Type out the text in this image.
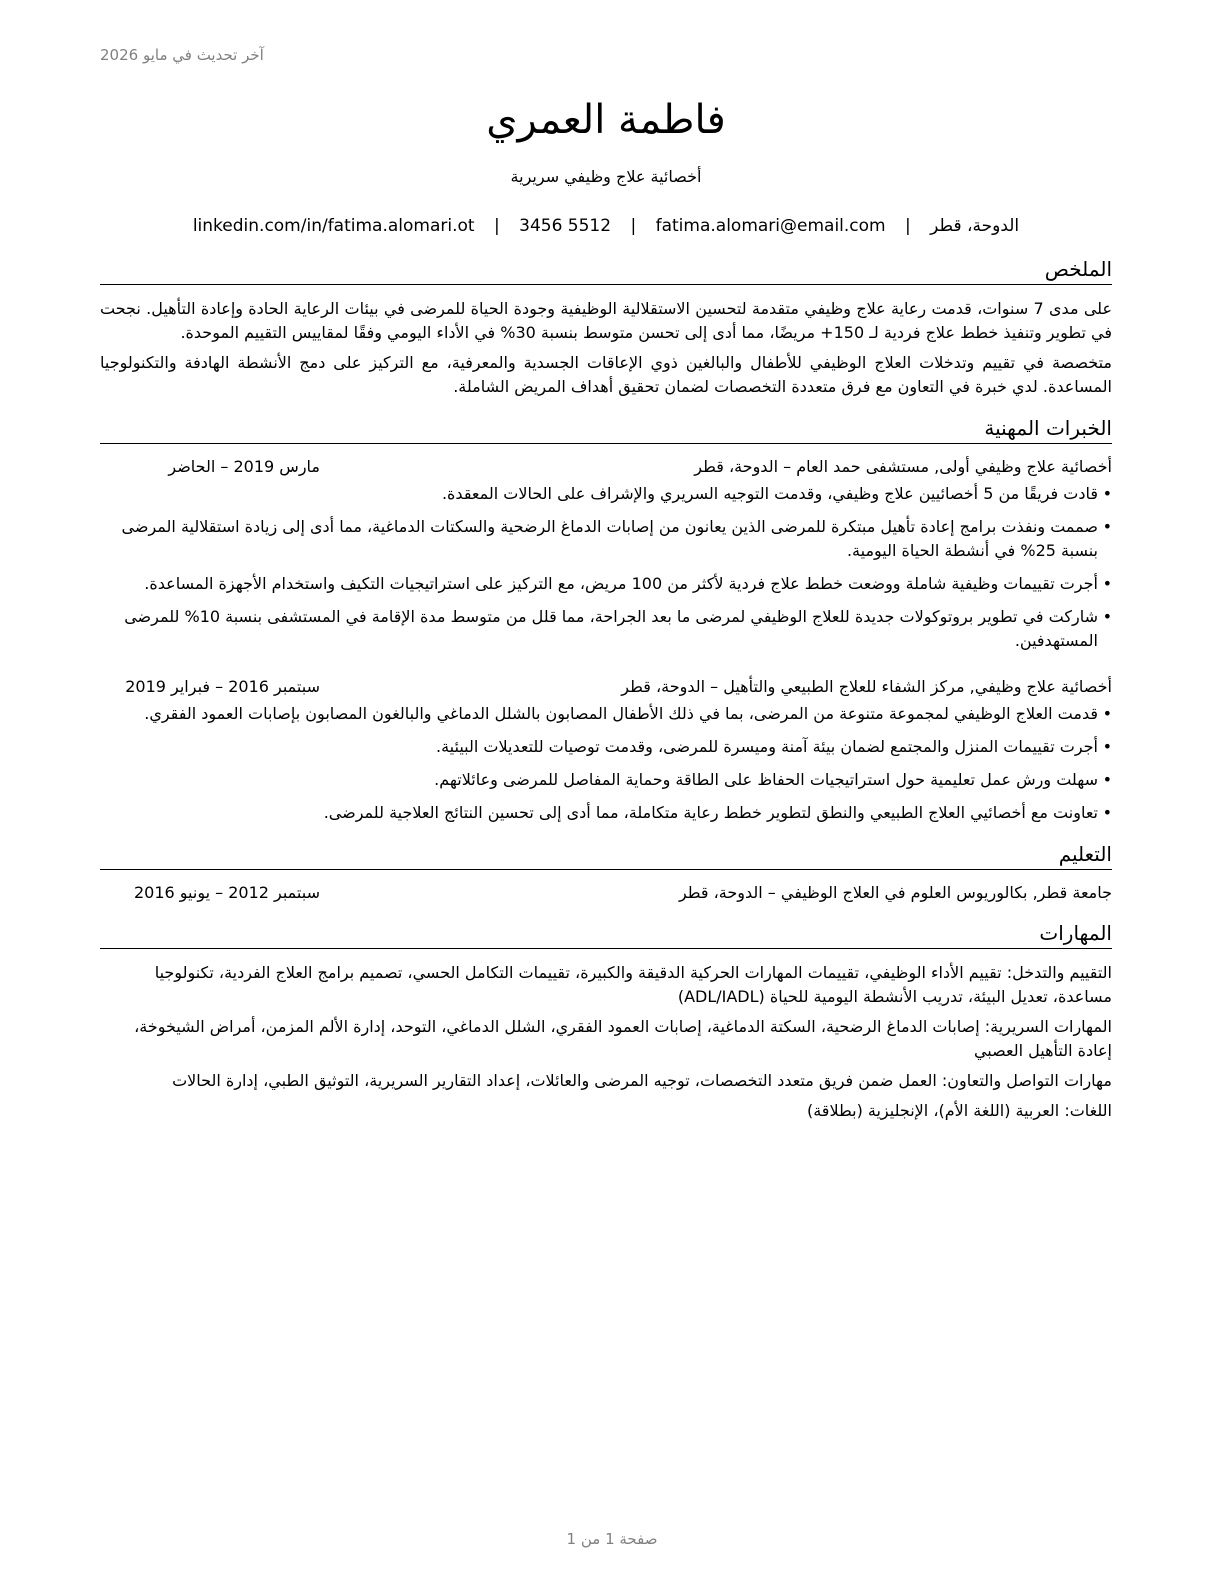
آخر تحديث في مايو 2026
فاطمة العمري
أخصائية علاج وظيفي سريرية
الدوحة، قطر | fatima.alomari@email.com | 3456 5512 | linkedin.com/in/fatima.alomari.ot
الملخص

على مدى 7 سنوات، قدمت رعاية علاج وظيفي متقدمة لتحسين الاستقلالية الوظيفية وجودة الحياة للمرضى في بيئات الرعاية الحادة وإعادة التأهيل. نجحت في تطوير وتنفيذ خطط علاج فردية لـ 150+ مريضًا، مما أدى إلى تحسن متوسط بنسبة 30% في الأداء اليومي وفقًا لمقاييس التقييم الموحدة.

متخصصة في تقييم وتدخلات العلاج الوظيفي للأطفال والبالغين ذوي الإعاقات الجسدية والمعرفية، مع التركيز على دمج الأنشطة الهادفة والتكنولوجيا المساعدة. لدي خبرة في التعاون مع فرق متعددة التخصصات لضمان تحقيق أهداف المريض الشاملة.

الخبرات المهنية
أخصائية علاج وظيفي أولى, مستشفى حمد العام – الدوحة، قطر
مارس 2019 – الحاضر
• قادت فريقًا من 5 أخصائيين علاج وظيفي، وقدمت التوجيه السريري والإشراف على الحالات المعقدة.
• صممت ونفذت برامج إعادة تأهيل مبتكرة للمرضى الذين يعانون من إصابات الدماغ الرضحية والسكتات الدماغية، مما أدى إلى زيادة استقلالية المرضى بنسبة 25% في أنشطة الحياة اليومية.
• أجرت تقييمات وظيفية شاملة ووضعت خطط علاج فردية لأكثر من 100 مريض، مع التركيز على استراتيجيات التكيف واستخدام الأجهزة المساعدة.
• شاركت في تطوير بروتوكولات جديدة للعلاج الوظيفي لمرضى ما بعد الجراحة، مما قلل من متوسط مدة الإقامة في المستشفى بنسبة 10% للمرضى المستهدفين.
أخصائية علاج وظيفي, مركز الشفاء للعلاج الطبيعي والتأهيل – الدوحة، قطر
سبتمبر 2016 – فبراير 2019
• قدمت العلاج الوظيفي لمجموعة متنوعة من المرضى، بما في ذلك الأطفال المصابون بالشلل الدماغي والبالغون المصابون بإصابات العمود الفقري.
• أجرت تقييمات المنزل والمجتمع لضمان بيئة آمنة وميسرة للمرضى، وقدمت توصيات للتعديلات البيئية.
• سهلت ورش عمل تعليمية حول استراتيجيات الحفاظ على الطاقة وحماية المفاصل للمرضى وعائلاتهم.
• تعاونت مع أخصائيي العلاج الطبيعي والنطق لتطوير خطط رعاية متكاملة، مما أدى إلى تحسين النتائج العلاجية للمرضى.
التعليم
جامعة قطر, بكالوريوس العلوم في العلاج الوظيفي – الدوحة، قطر
سبتمبر 2012 – يونيو 2016
المهارات

التقييم والتدخل: تقييم الأداء الوظيفي، تقييمات المهارات الحركية الدقيقة والكبيرة، تقييمات التكامل الحسي، تصميم برامج العلاج الفردية، تكنولوجيا مساعدة، تعديل البيئة، تدريب الأنشطة اليومية للحياة (ADL/IADL)

المهارات السريرية: إصابات الدماغ الرضحية، السكتة الدماغية، إصابات العمود الفقري، الشلل الدماغي، التوحد، إدارة الألم المزمن، أمراض الشيخوخة، إعادة التأهيل العصبي

مهارات التواصل والتعاون: العمل ضمن فريق متعدد التخصصات، توجيه المرضى والعائلات، إعداد التقارير السريرية، التوثيق الطبي، إدارة الحالات

اللغات: العربية (اللغة الأم)، الإنجليزية (بطلاقة)

صفحة 1 من 1
